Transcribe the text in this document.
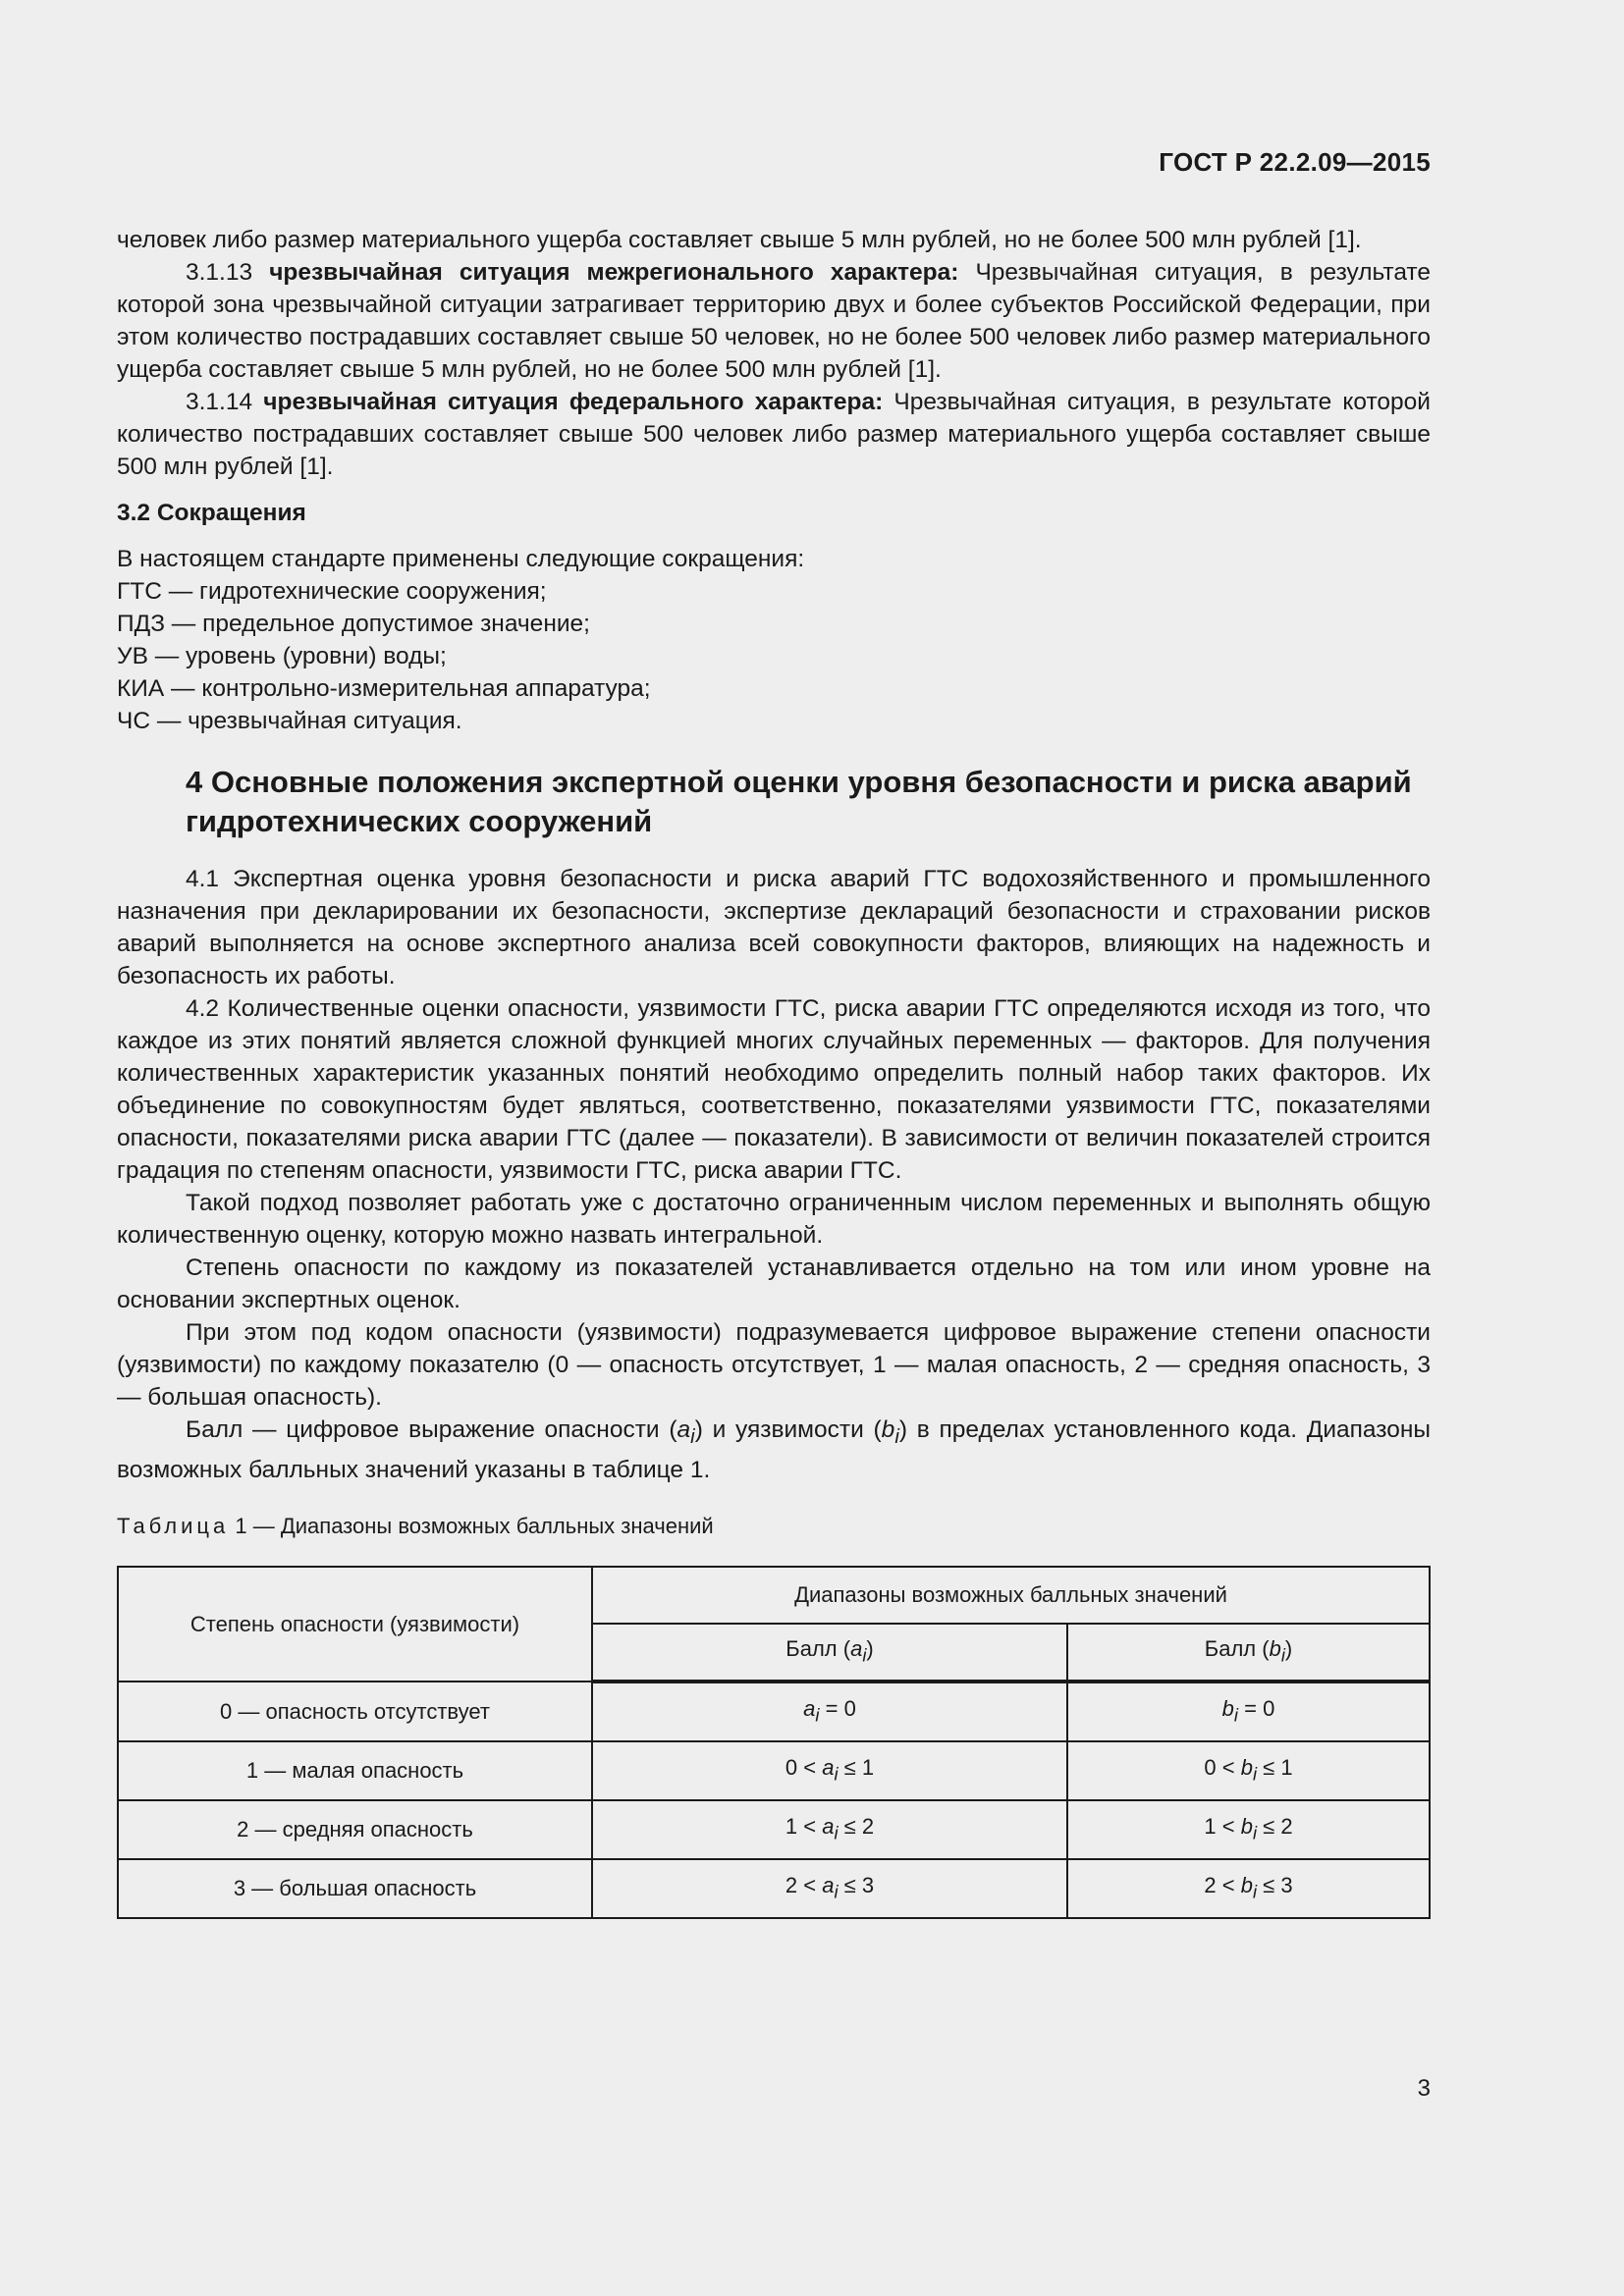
ГОСТ Р 22.2.09—2015

человек либо размер материального ущерба составляет свыше 5 млн рублей, но не более 500 млн рублей [1].

3.1.13 чрезвычайная ситуация межрегионального характера: Чрезвычайная ситуация, в результате которой зона чрезвычайной ситуации затрагивает территорию двух и более субъектов Российской Федерации, при этом количество пострадавших составляет свыше 50 человек, но не более 500 человек либо размер материального ущерба составляет свыше 5 млн рублей, но не более 500 млн рублей [1].

3.1.14 чрезвычайная ситуация федерального характера: Чрезвычайная ситуация, в результате которой количество пострадавших составляет свыше 500 человек либо размер материального ущерба составляет свыше 500 млн рублей [1].

3.2 Сокращения

В настоящем стандарте применены следующие сокращения:

ГТС — гидротехнические сооружения;

ПДЗ — предельное допустимое значение;

УВ — уровень (уровни) воды;

КИА — контрольно-измерительная аппаратура;

ЧС — чрезвычайная ситуация.

4 Основные положения экспертной оценки уровня безопасности и риска аварий гидротехнических сооружений

4.1 Экспертная оценка уровня безопасности и риска аварий ГТС водохозяйственного и промышленного назначения при декларировании их безопасности, экспертизе деклараций безопасности и страховании рисков аварий выполняется на основе экспертного анализа всей совокупности факторов, влияющих на надежность и безопасность их работы.

4.2 Количественные оценки опасности, уязвимости ГТС, риска аварии ГТС определяются исходя из того, что каждое из этих понятий является сложной функцией многих случайных переменных — факторов. Для получения количественных характеристик указанных понятий необходимо определить полный набор таких факторов. Их объединение по совокупностям будет являться, соответственно, показателями уязвимости ГТС, показателями опасности, показателями риска аварии ГТС (далее — показатели). В зависимости от величин показателей строится градация по степеням опасности, уязвимости ГТС, риска аварии ГТС.

Такой подход позволяет работать уже с достаточно ограниченным числом переменных и выполнять общую количественную оценку, которую можно назвать интегральной.

Степень опасности по каждому из показателей устанавливается отдельно на том или ином уровне на основании экспертных оценок.

При этом под кодом опасности (уязвимости) подразумевается цифровое выражение степени опасности (уязвимости) по каждому показателю (0 — опасность отсутствует, 1 — малая опасность, 2 — средняя опасность, 3 — большая опасность).

Балл — цифровое выражение опасности $(a_i)$ и уязвимости $(b_i)$ в пределах установленного кода. Диапазоны возможных балльных значений указаны в таблице 1.

Таблица 1 — Диапазоны возможных балльных значений

Степень опасности (уязвимости)	Диапазоны возможных балльных значений	
	Балл $(a_i)$	Балл $(b_i)$
0 — опасность отсутствует	$a_i = 0$	$b_i = 0$
1 — малая опасность	$0 < a_i \le 1$	$0 < b_i \le 1$
2 — средняя опасность	$1 < a_i \le 2$	$1 < b_i \le 2$
3 — большая опасность	$2 < a_i \le 3$	$2 < b_i \le 3$
3
